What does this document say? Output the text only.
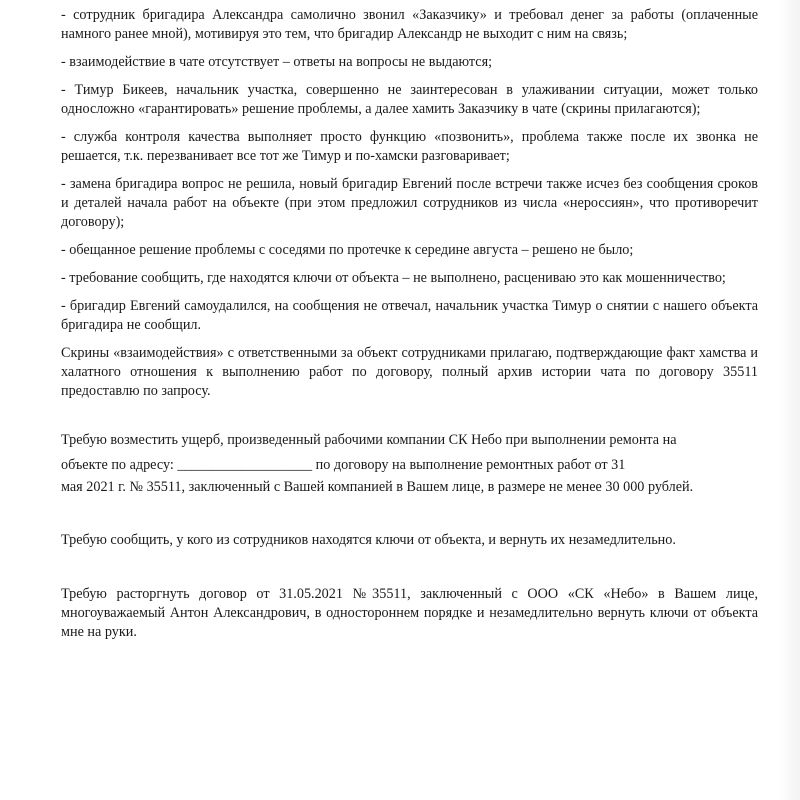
- сотрудник бригадира Александра самолично звонил «Заказчику» и требовал денег за работы (оплаченные намного ранее мной), мотивируя это тем, что бригадир Александр не выходит с ним на связь;

- взаимодействие в чате отсутствует – ответы на вопросы не выдаются;

- Тимур Бикеев, начальник участка, совершенно не заинтересован в улаживании ситуации, может только односложно «гарантировать» решение проблемы, а далее хамить Заказчику в чате (скрины прилагаются);

- служба контроля качества выполняет просто функцию «позвонить», проблема также после их звонка не решается, т.к. перезванивает все тот же Тимур и по-хамски разговаривает;

- замена бригадира вопрос не решила, новый бригадир Евгений после встречи также исчез без сообщения сроков и деталей начала работ на объекте (при этом предложил сотрудников из числа «нероссиян», что противоречит договору);

- обещанное решение проблемы с соседями по протечке к середине августа – решено не было;

- требование сообщить, где находятся ключи от объекта – не выполнено, расцениваю это как мошенничество;

- бригадир Евгений самоудалился, на сообщения не отвечал, начальник участка Тимур о снятии с нашего объекта бригадира не сообщил.

Скрины «взаимодействия» с ответственными за объект сотрудниками прилагаю, подтверждающие факт хамства и халатного отношения к выполнению работ по договору, полный архив истории чата по договору 35511 предоставлю по запросу.

Требую возместить ущерб, произведенный рабочими компании СК Небо при выполнении ремонта на
объекте по адресу: ___________________ по договору на выполнение ремонтных работ от 31

мая 2021 г. № 35511, заключенный с Вашей компанией в Вашем лице, в размере не менее 30 000 рублей.

Требую сообщить, у кого из сотрудников находятся ключи от объекта, и вернуть их незамедлительно.

Требую расторгнуть договор от 31.05.2021 №35511, заключенный с ООО «СК «Небо» в Вашем лице, многоуважаемый Антон Александрович, в одностороннем порядке и незамедлительно вернуть ключи от объекта мне на руки.
